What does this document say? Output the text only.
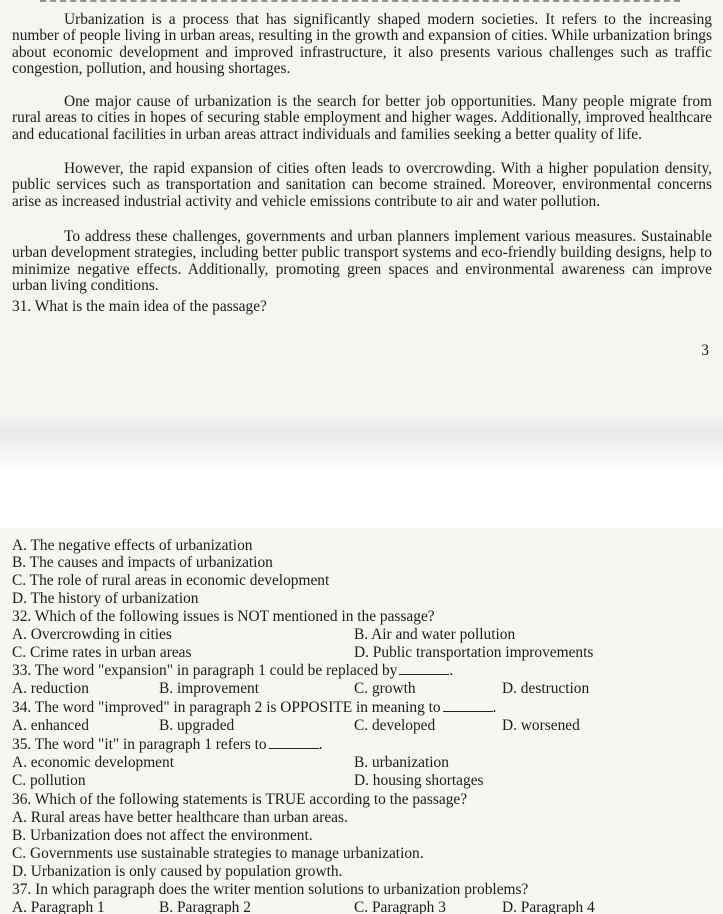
Urbanization is a process that has significantly shaped modern societies. It refers to the increasing number of people living in urban areas, resulting in the growth and expansion of cities. While urbanization brings about economic development and improved infrastructure, it also presents various challenges such as traffic congestion, pollution, and housing shortages.

One major cause of urbanization is the search for better job opportunities. Many people migrate from rural areas to cities in hopes of securing stable employment and higher wages. Additionally, improved healthcare and educational facilities in urban areas attract individuals and families seeking a better quality of life.

However, the rapid expansion of cities often leads to overcrowding. With a higher population density, public services such as transportation and sanitation can become strained. Moreover, environmental concerns arise as increased industrial activity and vehicle emissions contribute to air and water pollution.

To address these challenges, governments and urban planners implement various measures. Sustainable urban development strategies, including better public transport systems and eco-friendly building designs, help to minimize negative effects. Additionally, promoting green spaces and environmental awareness can improve urban living conditions.

31. What is the main idea of the passage?

3

A. The negative effects of urbanization

B. The causes and impacts of urbanization

C. The role of rural areas in economic development

D. The history of urbanization

32. Which of the following issues is NOT mentioned in the passage?

A. Overcrowding in cities	B. Air and water pollution
C. Crime rates in urban areas	D. Public transportation improvements

33. The word "expansion" in paragraph 1 could be replaced by	.

A. reduction	B. improvement	C. growth	D. destruction

34. The word "improved" in paragraph 2 is OPPOSITE in meaning to	.

A. enhanced	B. upgraded	C. developed	D. worsened

35. The word "it" in paragraph 1 refers to	.

A. economic development	B. urbanization
C. pollution	D. housing shortages

36. Which of the following statements is TRUE according to the passage?

A. Rural areas have better healthcare than urban areas.

B. Urbanization does not affect the environment.

C. Governments use sustainable strategies to manage urbanization.

D. Urbanization is only caused by population growth.

37. In which paragraph does the writer mention solutions to urbanization problems?

A. Paragraph 1	B. Paragraph 2	C. Paragraph 3	D. Paragraph 4
